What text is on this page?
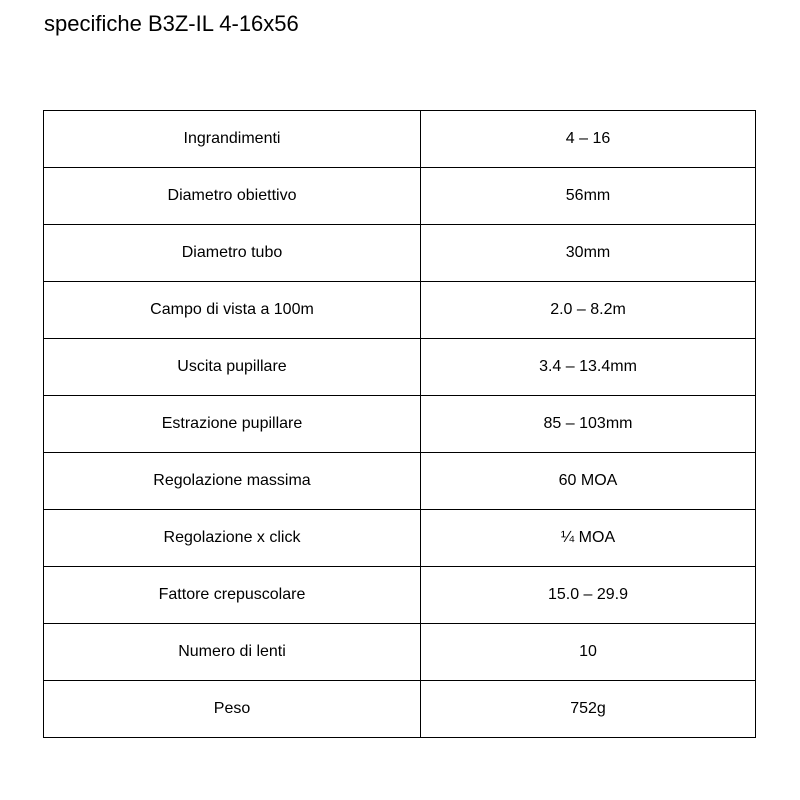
specifiche B3Z-IL 4-16x56
Ingrandimenti	4 – 16
Diametro obiettivo	56mm
Diametro tubo	30mm
Campo di vista a 100m	2.0 – 8.2m
Uscita pupillare	3.4 – 13.4mm
Estrazione pupillare	85 – 103mm
Regolazione massima	60 MOA
Regolazione x click	¼ MOA
Fattore crepuscolare	15.0 – 29.9
Numero di lenti	10
Peso	752g
